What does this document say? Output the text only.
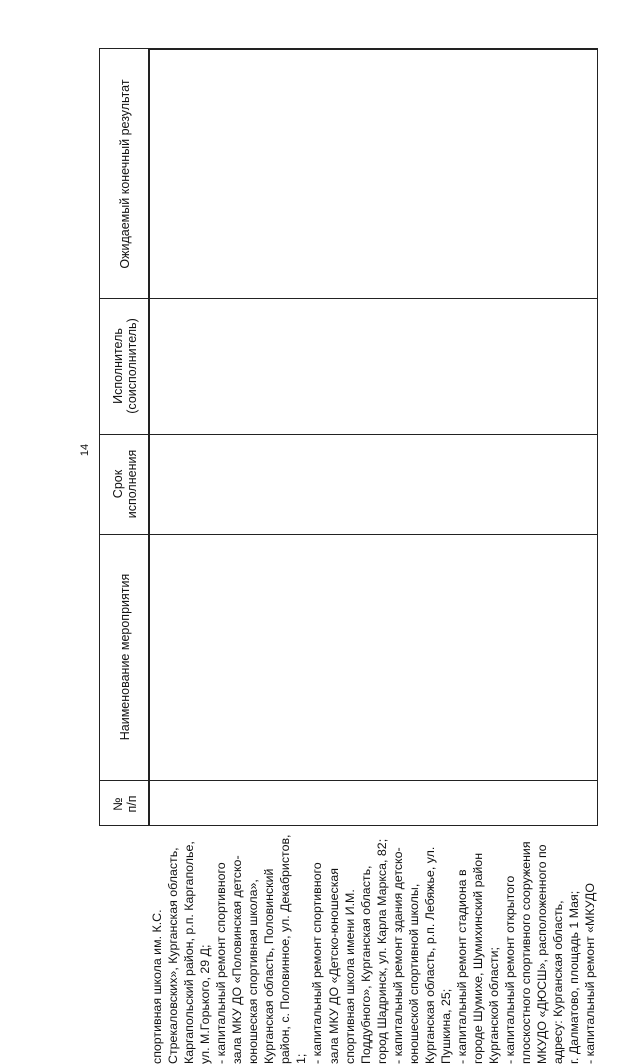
14
Ожидаемый конечный результат
Исполнитель (соисполнитель)
Срок исполнения
Наименование мероприятия
№ п/п
спортивная школа им. К.С. Стрекаловских», Курганская область, Каргапольский район, р.п. Каргаполье, ул. М.Горького, 29 Д; - капитальный ремонт спортивного зала МКУ ДО «Половинская детско- юношеская спортивная школа», Курганская область, Половинский район, с. Половинное, ул. Декабристов, 1; - капитальный ремонт спортивного зала МКУ ДО «Детско-юношеская спортивная школа имени И.М. Поддубного», Курганская область, город Шадринск, ул. Карла Маркса, 82; - капитальный ремонт здания детско- юношеской спортивной школы, Курганская область, р.п. Лебяжье, ул. Пушкина, 25; - капитальный ремонт стадиона в городе Шумихе, Шумихинский район Курганской области; - капитальный ремонт открытого плоскостного спортивного сооружения МКУДО «ДЮСШ», расположенного по адресу: Курганская область, г. Далматово, площадь 1 Мая; - капитальный ремонт «МКУДО
